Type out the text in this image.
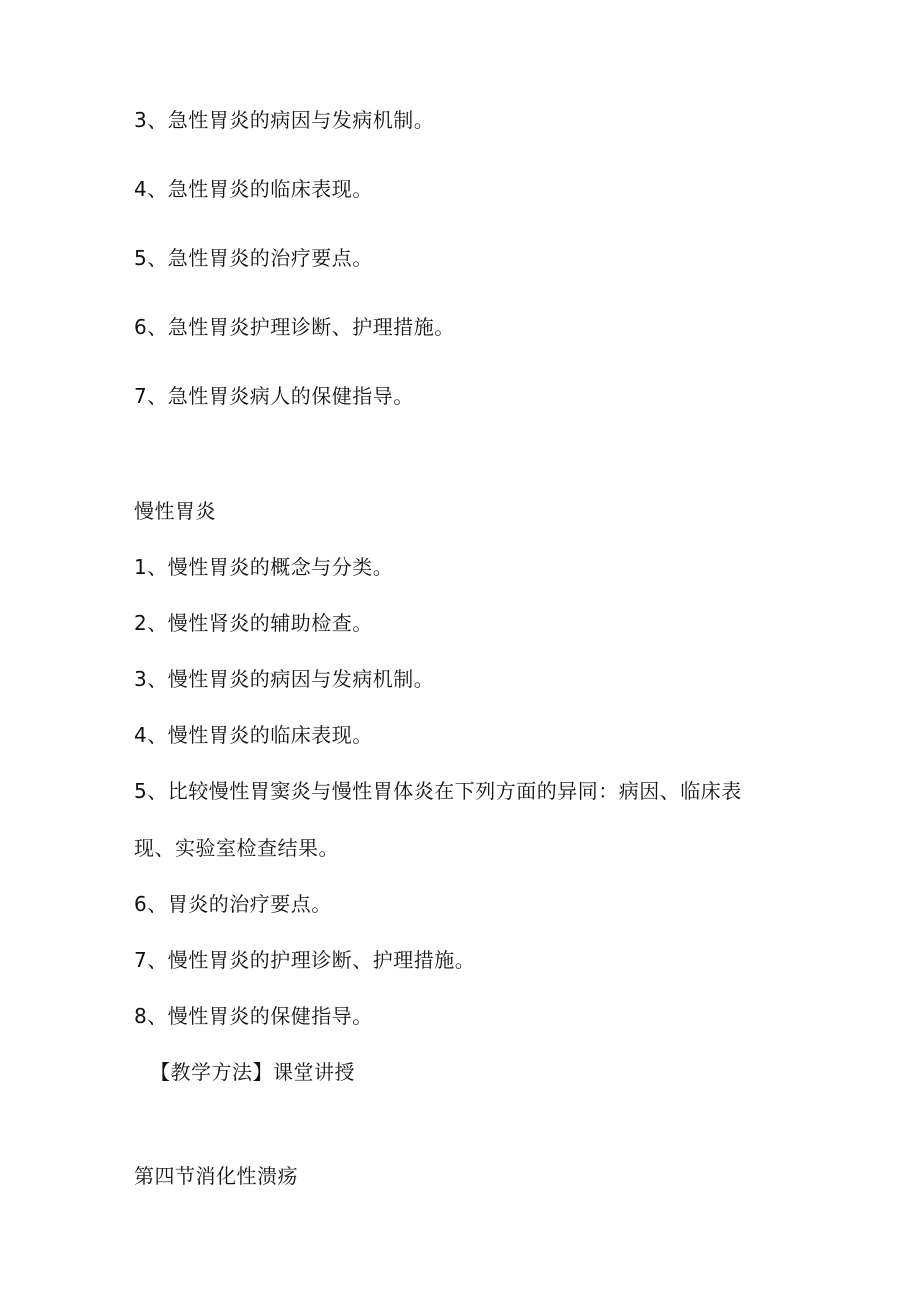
3、急性胃炎的病因与发病机制。
4、急性胃炎的临床表现。
5、急性胃炎的治疗要点。
6、急性胃炎护理诊断、护理措施。
7、急性胃炎病人的保健指导。
慢性胃炎
1、慢性胃炎的概念与分类。
2、慢性肾炎的辅助检查。
3、慢性胃炎的病因与发病机制。
4、慢性胃炎的临床表现。
5、比较慢性胃窦炎与慢性胃体炎在下列方面的异同：病因、临床表
现、实验室检查结果。
6、胃炎的治疗要点。
7、慢性胃炎的护理诊断、护理措施。
8、慢性胃炎的保健指导。
【教学方法】课堂讲授
第四节消化性溃疡
